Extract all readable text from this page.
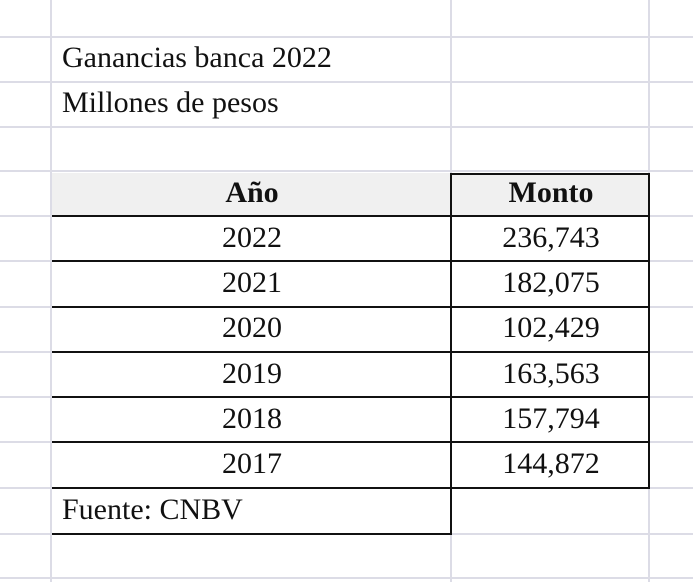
Ganancias banca 2022
Millones de pesos
Año	Monto
2022	236,743
2021	182,075
2020	102,429
2019	163,563
2018	157,794
2017	144,872
Fuente: CNBV
